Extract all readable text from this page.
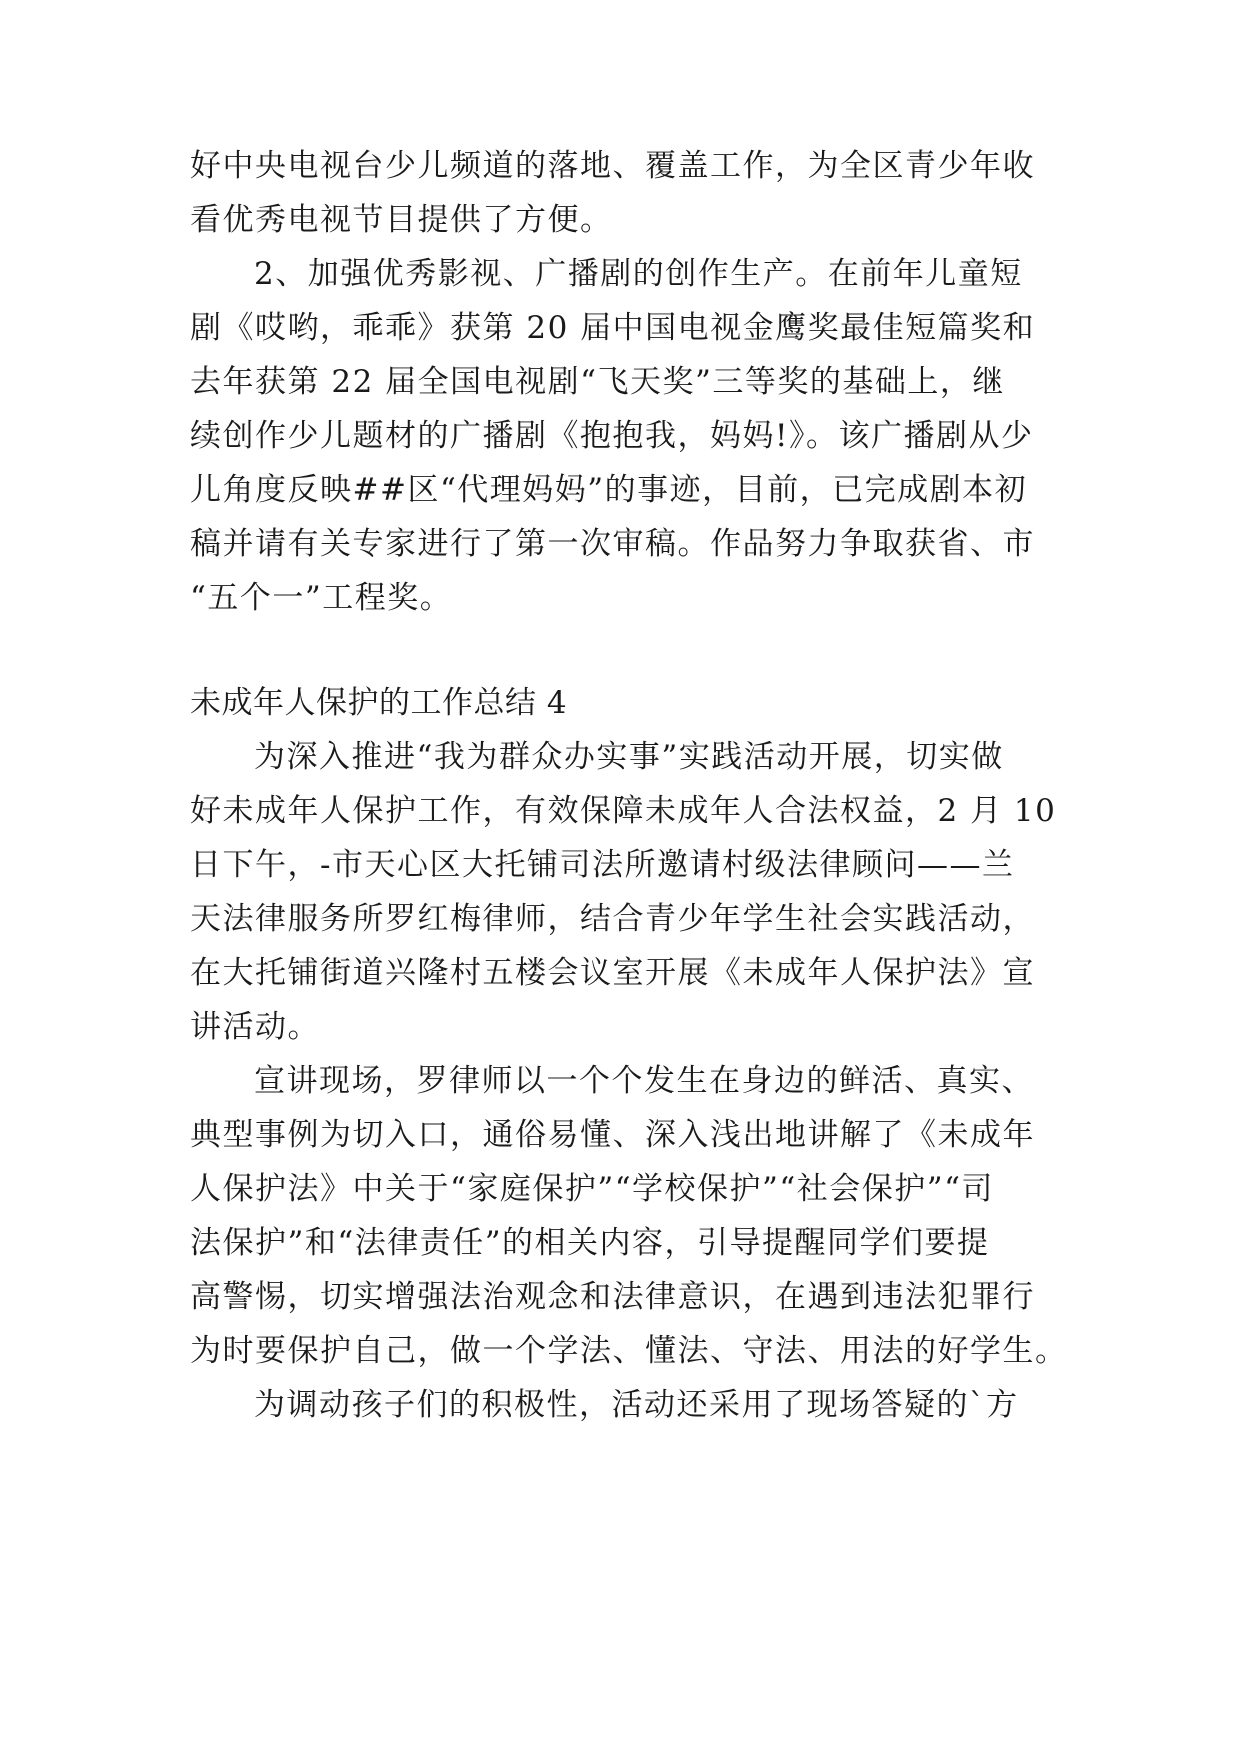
好中央电视台少儿频道的落地、覆盖工作，为全区青少年收
看优秀电视节目提供了方便。
2、加强优秀影视、广播剧的创作生产。在前年儿童短
剧《哎哟，乖乖》获第 20 届中国电视金鹰奖最佳短篇奖和
去年获第 22 届全国电视剧“飞天奖”三等奖的基础上，继
续创作少儿题材的广播剧《抱抱我，妈妈!》。该广播剧从少
儿角度反映##区“代理妈妈”的事迹，目前，已完成剧本初
稿并请有关专家进行了第一次审稿。作品努力争取获省、市
“五个一”工程奖。
未成年人保护的工作总结 4
为深入推进“我为群众办实事”实践活动开展，切实做
好未成年人保护工作，有效保障未成年人合法权益，2 月 10
日下午，-市天心区大托铺司法所邀请村级法律顾问——兰
天法律服务所罗红梅律师，结合青少年学生社会实践活动，
在大托铺街道兴隆村五楼会议室开展《未成年人保护法》宣
讲活动。
宣讲现场，罗律师以一个个发生在身边的鲜活、真实、
典型事例为切入口，通俗易懂、深入浅出地讲解了《未成年
人保护法》中关于“家庭保护”“学校保护”“社会保护”“司
法保护”和“法律责任”的相关内容，引导提醒同学们要提
高警惕，切实增强法治观念和法律意识，在遇到违法犯罪行
为时要保护自己，做一个学法、懂法、守法、用法的好学生。
为调动孩子们的积极性，活动还采用了现场答疑的`方
